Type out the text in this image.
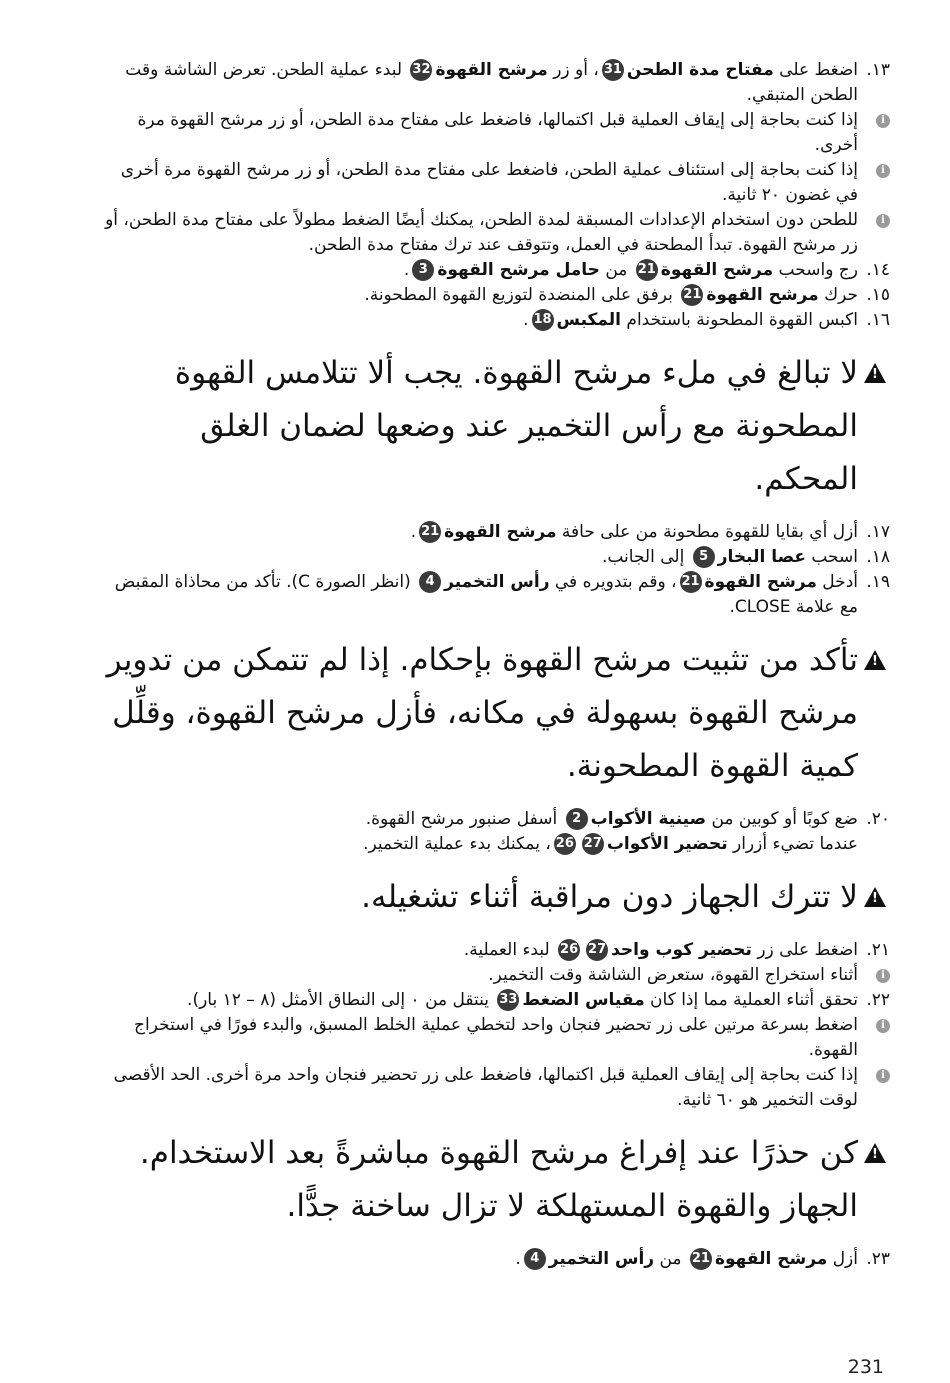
١٣.
اضغط على مفتاح مدة الطحن31، أو زر مرشح القهوة32 لبدء عملية الطحن. تعرض الشاشة وقت الطحن المتبقي.
i
إذا كنت بحاجة إلى إيقاف العملية قبل اكتمالها، فاضغط على مفتاح مدة الطحن، أو زر مرشح القهوة مرة أخرى.
i
إذا كنت بحاجة إلى استئناف عملية الطحن، فاضغط على مفتاح مدة الطحن، أو زر مرشح القهوة مرة أخرى في غضون ٢٠ ثانية.
i
للطحن دون استخدام الإعدادات المسبقة لمدة الطحن، يمكنك أيضًا الضغط مطولاً على مفتاح مدة الطحن، أو زر مرشح القهوة. تبدأ المطحنة في العمل، وتتوقف عند ترك مفتاح مدة الطحن.
١٤.
رج واسحب مرشح القهوة21 من حامل مرشح القهوة3.
١٥.
حرك مرشح القهوة21 برفق على المنضدة لتوزيع القهوة المطحونة.
١٦.
اكبس القهوة المطحونة باستخدام المكبس18.
!
لا تبالغ في ملء مرشح القهوة. يجب ألا تتلامس القهوة المطحونة مع رأس التخمير عند وضعها لضمان الغلق المحكم.
١٧.
أزل أي بقايا للقهوة مطحونة من على حافة مرشح القهوة21.
١٨.
اسحب عصا البخار5 إلى الجانب.
١٩.
أدخل مرشح القهوة21، وقم بتدويره في رأس التخمير4 (انظر الصورة C). تأكد من محاذاة المقبض مع علامة CLOSE.
!
تأكد من تثبيت مرشح القهوة بإحكام. إذا لم تتمكن من تدوير مرشح القهوة بسهولة في مكانه، فأزل مرشح القهوة، وقلِّل كمية القهوة المطحونة.
٢٠.
ضع كوبًا أو كوبين من صينية الأكواب2 أسفل صنبور مرشح القهوة.
عندما تضيء أزرار تحضير الأكواب2726، يمكنك بدء عملية التخمير.
!
لا تترك الجهاز دون مراقبة أثناء تشغيله.
٢١.
اضغط على زر تحضير كوب واحد2726 لبدء العملية.
i
أثناء استخراج القهوة، ستعرض الشاشة وقت التخمير.
٢٢.
تحقق أثناء العملية مما إذا كان مقياس الضغط33 ينتقل من ٠ إلى النطاق الأمثل (٨ – ١٢ بار).
i
اضغط بسرعة مرتين على زر تحضير فنجان واحد لتخطي عملية الخلط المسبق، والبدء فورًا في استخراج القهوة.
i
إذا كنت بحاجة إلى إيقاف العملية قبل اكتمالها، فاضغط على زر تحضير فنجان واحد مرة أخرى. الحد الأقصى لوقت التخمير هو ٦٠ ثانية.
!
كن حذرًا عند إفراغ مرشح القهوة مباشرةً بعد الاستخدام. الجهاز والقهوة المستهلكة لا تزال ساخنة جدًّا.
٢٣.
أزل مرشح القهوة21 من رأس التخمير4.
231
